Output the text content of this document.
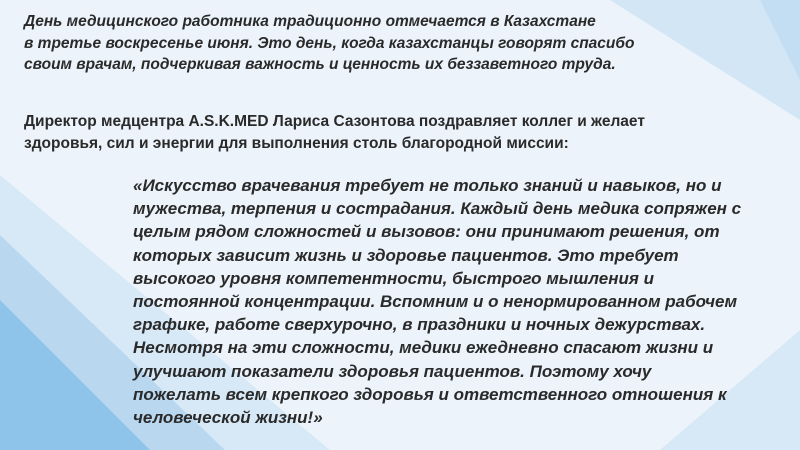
День медицинского работника традиционно отмечается в Казахстане
в третье воскресенье июня. Это день, когда казахстанцы говорят спасибо
своим врачам, подчеркивая важность и ценность их беззаветного труда.

Директор медцентра A.S.K.MED Лариса Сазонтова поздравляет коллег и желает
здоровья, сил и энергии для выполнения столь благородной миссии:

«Искусство врачевания требует не только знаний и навыков, но и
мужества, терпения и сострадания. Каждый день медика сопряжен с
целым рядом сложностей и вызовов: они принимают решения, от
которых зависит жизнь и здоровье пациентов. Это требует
высокого уровня компетентности, быстрого мышления и
постоянной концентрации. Вспомним и о ненормированном рабочем
графике, работе сверхурочно, в праздники и ночных дежурствах.
Несмотря на эти сложности, медики ежедневно спасают жизни и
улучшают показатели здоровья пациентов. Поэтому хочу
пожелать всем крепкого здоровья и ответственного отношения к
человеческой жизни!»
